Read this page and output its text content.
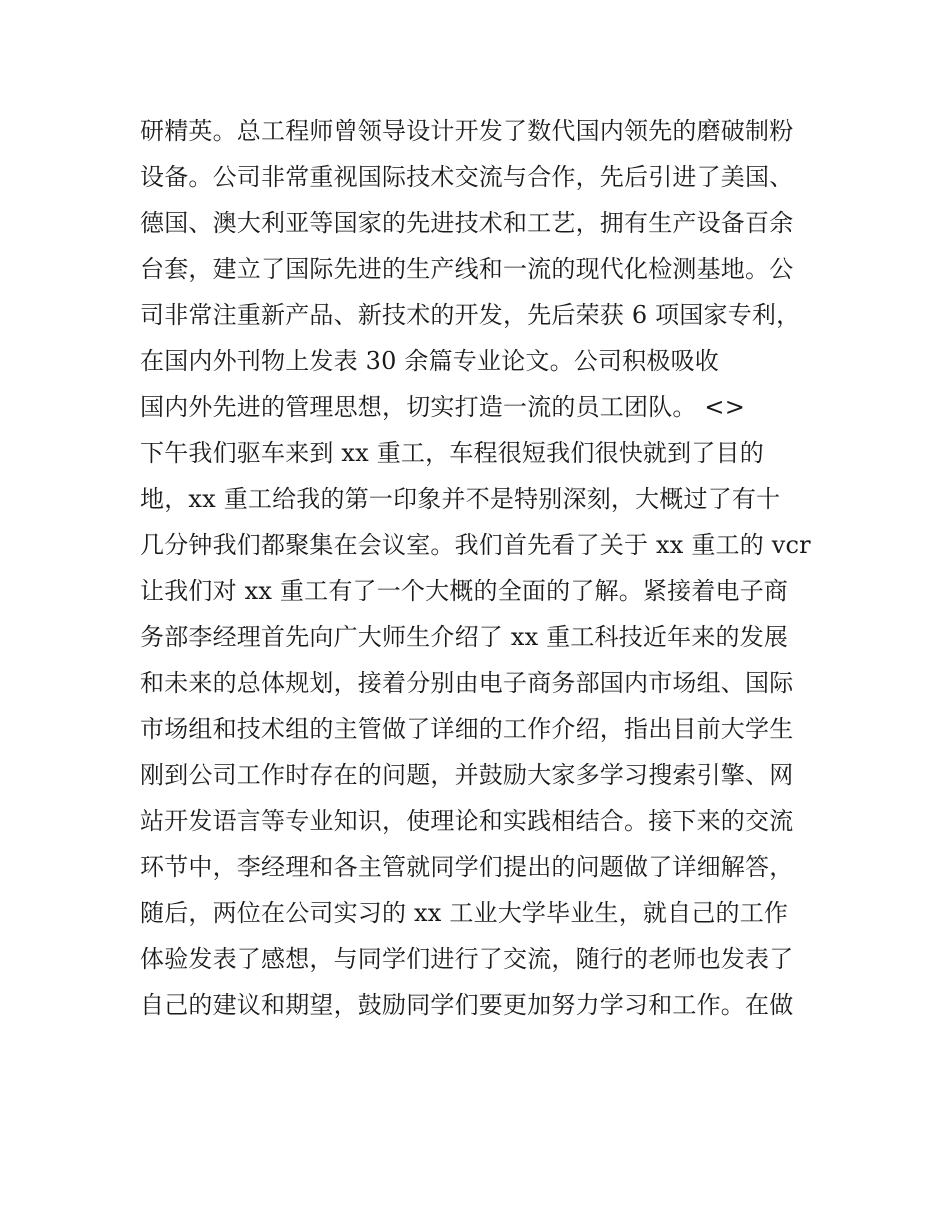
研精英。总工程师曾领导设计开发了数代国内领先的磨破制粉
设备。公司非常重视国际技术交流与合作，先后引进了美国、
德国、澳大利亚等国家的先进技术和工艺，拥有生产设备百余
台套，建立了国际先进的生产线和一流的现代化检测基地。公
司非常注重新产品、新技术的开发，先后荣获 6 项国家专利，
在国内外刊物上发表 30 余篇专业论文。公司积极吸收
国内外先进的管理思想，切实打造一流的员工团队。 <>
下午我们驱车来到 xx 重工，车程很短我们很快就到了目的
地，xx 重工给我的第一印象并不是特别深刻，大概过了有十
几分钟我们都聚集在会议室。我们首先看了关于 xx 重工的 vcr
让我们对 xx 重工有了一个大概的全面的了解。紧接着电子商
务部李经理首先向广大师生介绍了 xx 重工科技近年来的发展
和未来的总体规划，接着分别由电子商务部国内市场组、国际
市场组和技术组的主管做了详细的工作介绍，指出目前大学生
刚到公司工作时存在的问题，并鼓励大家多学习搜索引擎、网
站开发语言等专业知识，使理论和实践相结合。接下来的交流
环节中，李经理和各主管就同学们提出的问题做了详细解答，
随后，两位在公司实习的 xx 工业大学毕业生，就自己的工作
体验发表了感想，与同学们进行了交流，随行的老师也发表了
自己的建议和期望，鼓励同学们要更加努力学习和工作。在做
